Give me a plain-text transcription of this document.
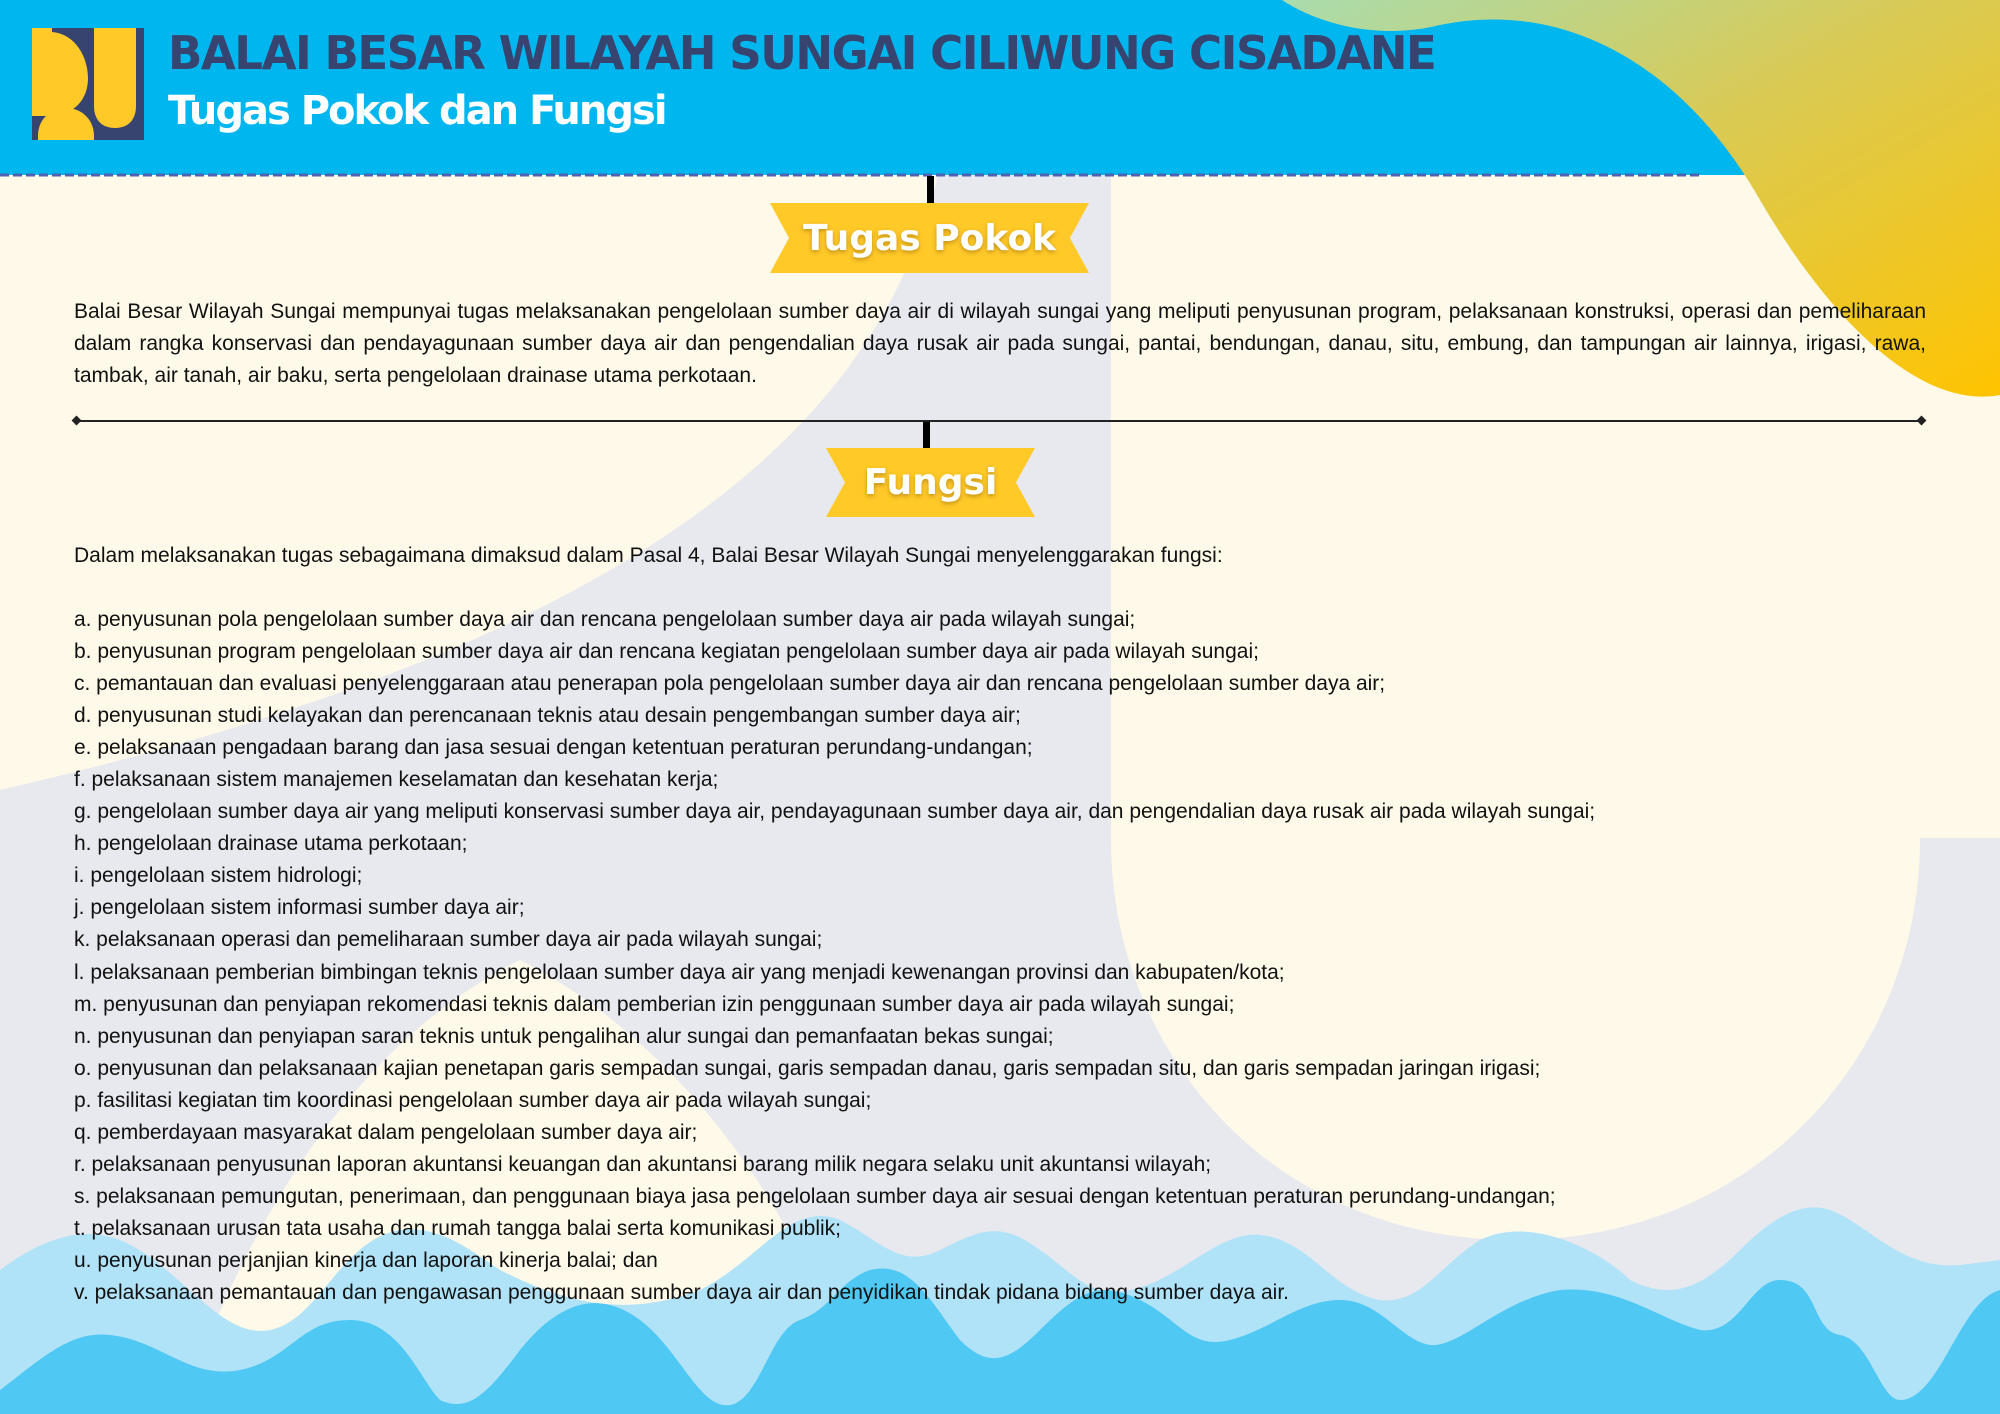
BALAI BESAR WILAYAH SUNGAI CILIWUNG CISADANE
Tugas Pokok dan Fungsi
Tugas Pokok
Balai Besar Wilayah Sungai mempunyai tugas melaksanakan pengelolaan sumber daya air di wilayah sungai yang meliputi penyusunan program, pelaksanaan konstruksi, operasi dan pemeliharaan dalam rangka konservasi dan pendayagunaan sumber daya air dan pengendalian daya rusak air pada sungai, pantai, bendungan, danau, situ, embung, dan tampungan air lainnya, irigasi, rawa, tambak, air tanah, air baku, serta pengelolaan drainase utama perkotaan.
Fungsi
Dalam melaksanakan tugas sebagaimana dimaksud dalam Pasal 4, Balai Besar Wilayah Sungai menyelenggarakan fungsi:
a. penyusunan pola pengelolaan sumber daya air dan rencana pengelolaan sumber daya air pada wilayah sungai;
b. penyusunan program pengelolaan sumber daya air dan rencana kegiatan pengelolaan sumber daya air pada wilayah sungai;
c. pemantauan dan evaluasi penyelenggaraan atau penerapan pola pengelolaan sumber daya air dan rencana pengelolaan sumber daya air;
d. penyusunan studi kelayakan dan perencanaan teknis atau desain pengembangan sumber daya air;
e. pelaksanaan pengadaan barang dan jasa sesuai dengan ketentuan peraturan perundang-undangan;
f. pelaksanaan sistem manajemen keselamatan dan kesehatan kerja;
g. pengelolaan sumber daya air yang meliputi konservasi sumber daya air, pendayagunaan sumber daya air, dan pengendalian daya rusak air pada wilayah sungai;
h. pengelolaan drainase utama perkotaan;
i. pengelolaan sistem hidrologi;
j. pengelolaan sistem informasi sumber daya air;
k. pelaksanaan operasi dan pemeliharaan sumber daya air pada wilayah sungai;
l. pelaksanaan pemberian bimbingan teknis pengelolaan sumber daya air yang menjadi kewenangan provinsi dan kabupaten/kota;
m. penyusunan dan penyiapan rekomendasi teknis dalam pemberian izin penggunaan sumber daya air pada wilayah sungai;
n. penyusunan dan penyiapan saran teknis untuk pengalihan alur sungai dan pemanfaatan bekas sungai;
o. penyusunan dan pelaksanaan kajian penetapan garis sempadan sungai, garis sempadan danau, garis sempadan situ, dan garis sempadan jaringan irigasi;
p. fasilitasi kegiatan tim koordinasi pengelolaan sumber daya air pada wilayah sungai;
q. pemberdayaan masyarakat dalam pengelolaan sumber daya air;
r. pelaksanaan penyusunan laporan akuntansi keuangan dan akuntansi barang milik negara selaku unit akuntansi wilayah;
s. pelaksanaan pemungutan, penerimaan, dan penggunaan biaya jasa pengelolaan sumber daya air sesuai dengan ketentuan peraturan perundang-undangan;
t. pelaksanaan urusan tata usaha dan rumah tangga balai serta komunikasi publik;
u. penyusunan perjanjian kinerja dan laporan kinerja balai; dan
v. pelaksanaan pemantauan dan pengawasan penggunaan sumber daya air dan penyidikan tindak pidana bidang sumber daya air.
